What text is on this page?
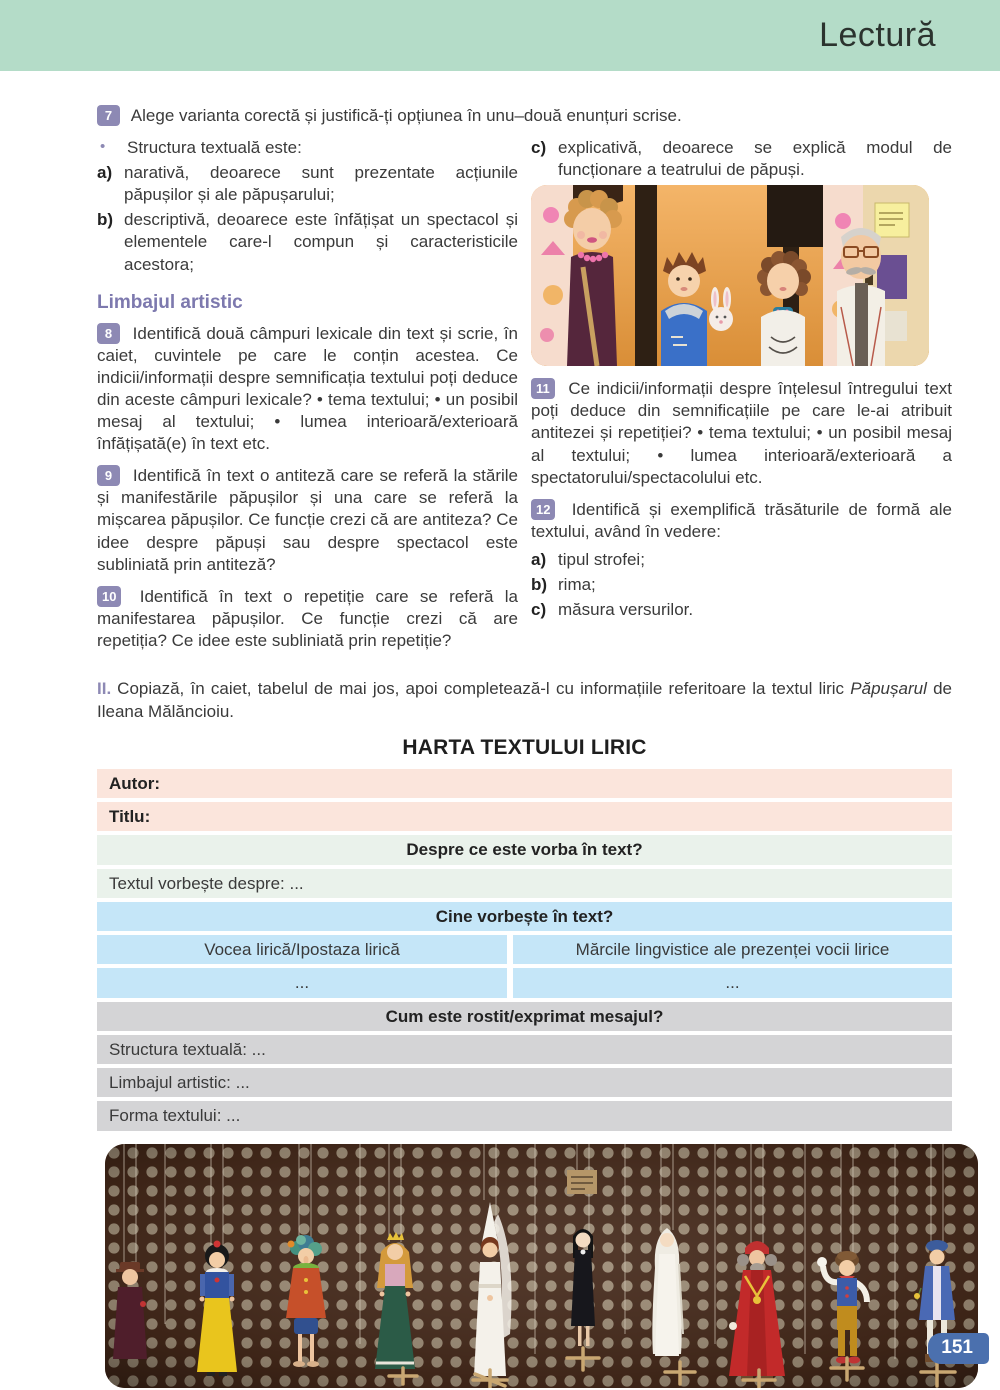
Lectură

7 Alege varianta corectă și justifică-ți opțiunea în unu–două enunțuri scrise.

•	Structura textuală este:
a) narativă, deoarece sunt prezentate acțiunile păpușilor și ale păpușarului;
b) descriptivă, deoarece este înfățișat un spectacol și elementele care-l compun și caracteristicile acestora;
Limbajul artistic

8 Identifică două câmpuri lexicale din text și scrie, în caiet, cuvintele pe care le conțin acestea. Ce indicii/informații despre semnificația textului poți deduce din aceste câmpuri lexicale? • tema textului; • un posibil mesaj al textului; • lumea interioară/exterioară înfățișată(e) în text etc.

9 Identifică în text o antiteză care se referă la stările și manifestările păpușilor și una care se referă la mișcarea păpușilor. Ce funcție crezi că are antiteza? Ce idee despre păpuși sau despre spectacol este subliniată prin antiteză?

10 Identifică în text o repetiție care se referă la manifestarea păpușilor. Ce funcție crezi că are repetiția? Ce idee este subliniată prin repetiție?

c) explicativă, deoarece se explică modul de funcționare a teatrului de păpuși.

11 Ce indicii/informații despre înțelesul întregului text poți deduce din semnificațiile pe care le-ai atribuit antitezei și repetiției? • tema textului; • un posibil mesaj al textului; • lumea interioară/exterioară a spectatorului/spectacolului etc.

12 Identifică și exemplifică trăsăturile de formă ale textului, având în vedere:

a) tipul strofei;
b) rima;
c) măsura versurilor.

II. Copiază, în caiet, tabelul de mai jos, apoi completează-l cu informațiile referitoare la textul liric Păpușarul de Ileana Mălăncioiu.

HARTA TEXTULUI LIRIC
Autor:
Titlu:
Despre ce este vorba în text?
Textul vorbește despre: ...
Cine vorbește în text?
Vocea lirică/Ipostaza lirică	Mărcile lingvistice ale prezenței vocii lirice
...	...
Cum este rostit/exprimat mesajul?
Structura textuală: ...
Limbajul artistic: ...
Forma textului: ...
151
